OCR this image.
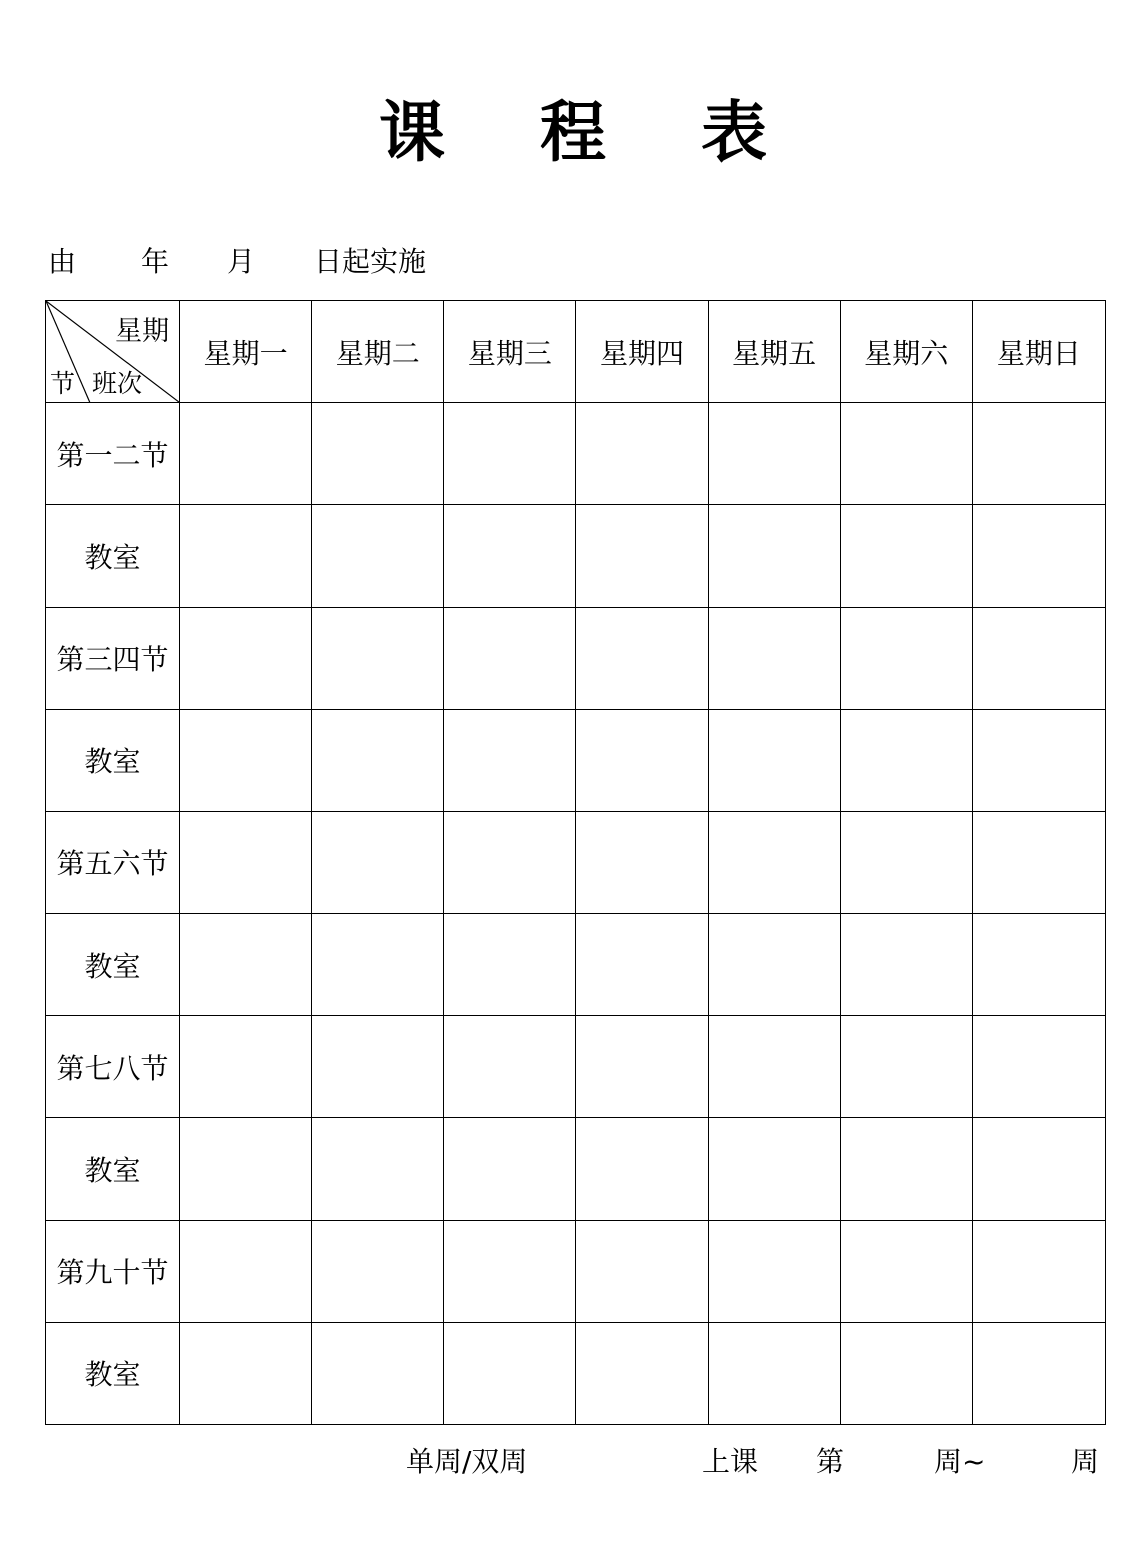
课 程 表
由 年 月 日起实施
星期
节 班次	星期一	星期二	星期三	星期四	星期五	星期六	星期日
第一二节							
教室							
第三四节							
教室							
第五六节							
教室							
第七八节							
教室							
第九十节							
教室							
单周/双周	上课 第	周~	周
